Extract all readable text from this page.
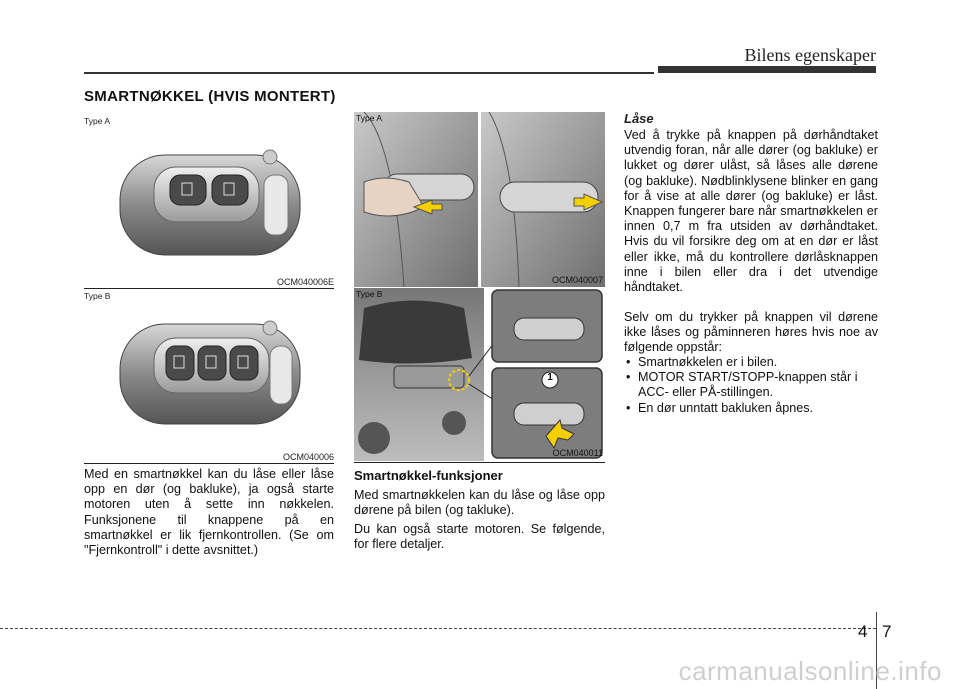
Bilens egenskaper
SMARTNØKKEL (HVIS MONTERT)
Type A
OCM040006E
Type B
OCM040006
Type A
OCM040007
1
Type B
OCM040011
Med en smartnøkkel kan du låse eller låse opp en dør (og bakluke), ja også starte motoren uten å sette inn nøkkelen. Funksjonene til knappene på en smartnøkkel er lik fjernkontrollen. (Se om "Fjernkontroll" i dette avsnittet.)
Smartnøkkel-funksjoner
Med smartnøkkelen kan du låse og låse opp dørene på bilen (og takluke).
Du kan også starte motoren. Se følgende, for flere detaljer.
Låse
Ved å trykke på knappen på dørhåndtaket utvendig foran, når alle dører (og bakluke) er lukket og dører ulåst, så låses alle dørene (og bakluke). Nødblinklysene blinker en gang for å vise at alle dører (og bakluke) er låst. Knappen fungerer bare når smartnøkkelen er innen 0,7 m fra utsiden av dørhåndtaket. Hvis du vil forsikre deg om at en dør er låst eller ikke, må du kontrollere dørlåsknappen inne i bilen eller dra i det utvendige håndtaket.
Selv om du trykker på knappen vil dørene ikke låses og påminneren høres hvis noe av følgende oppstår:
• Smartnøkkelen er i bilen.
• MOTOR START/STOPP-knappen står i ACC- eller PÅ-stillingen.
• En dør unntatt bakluken åpnes.
4 7
carmanualsonline.info
